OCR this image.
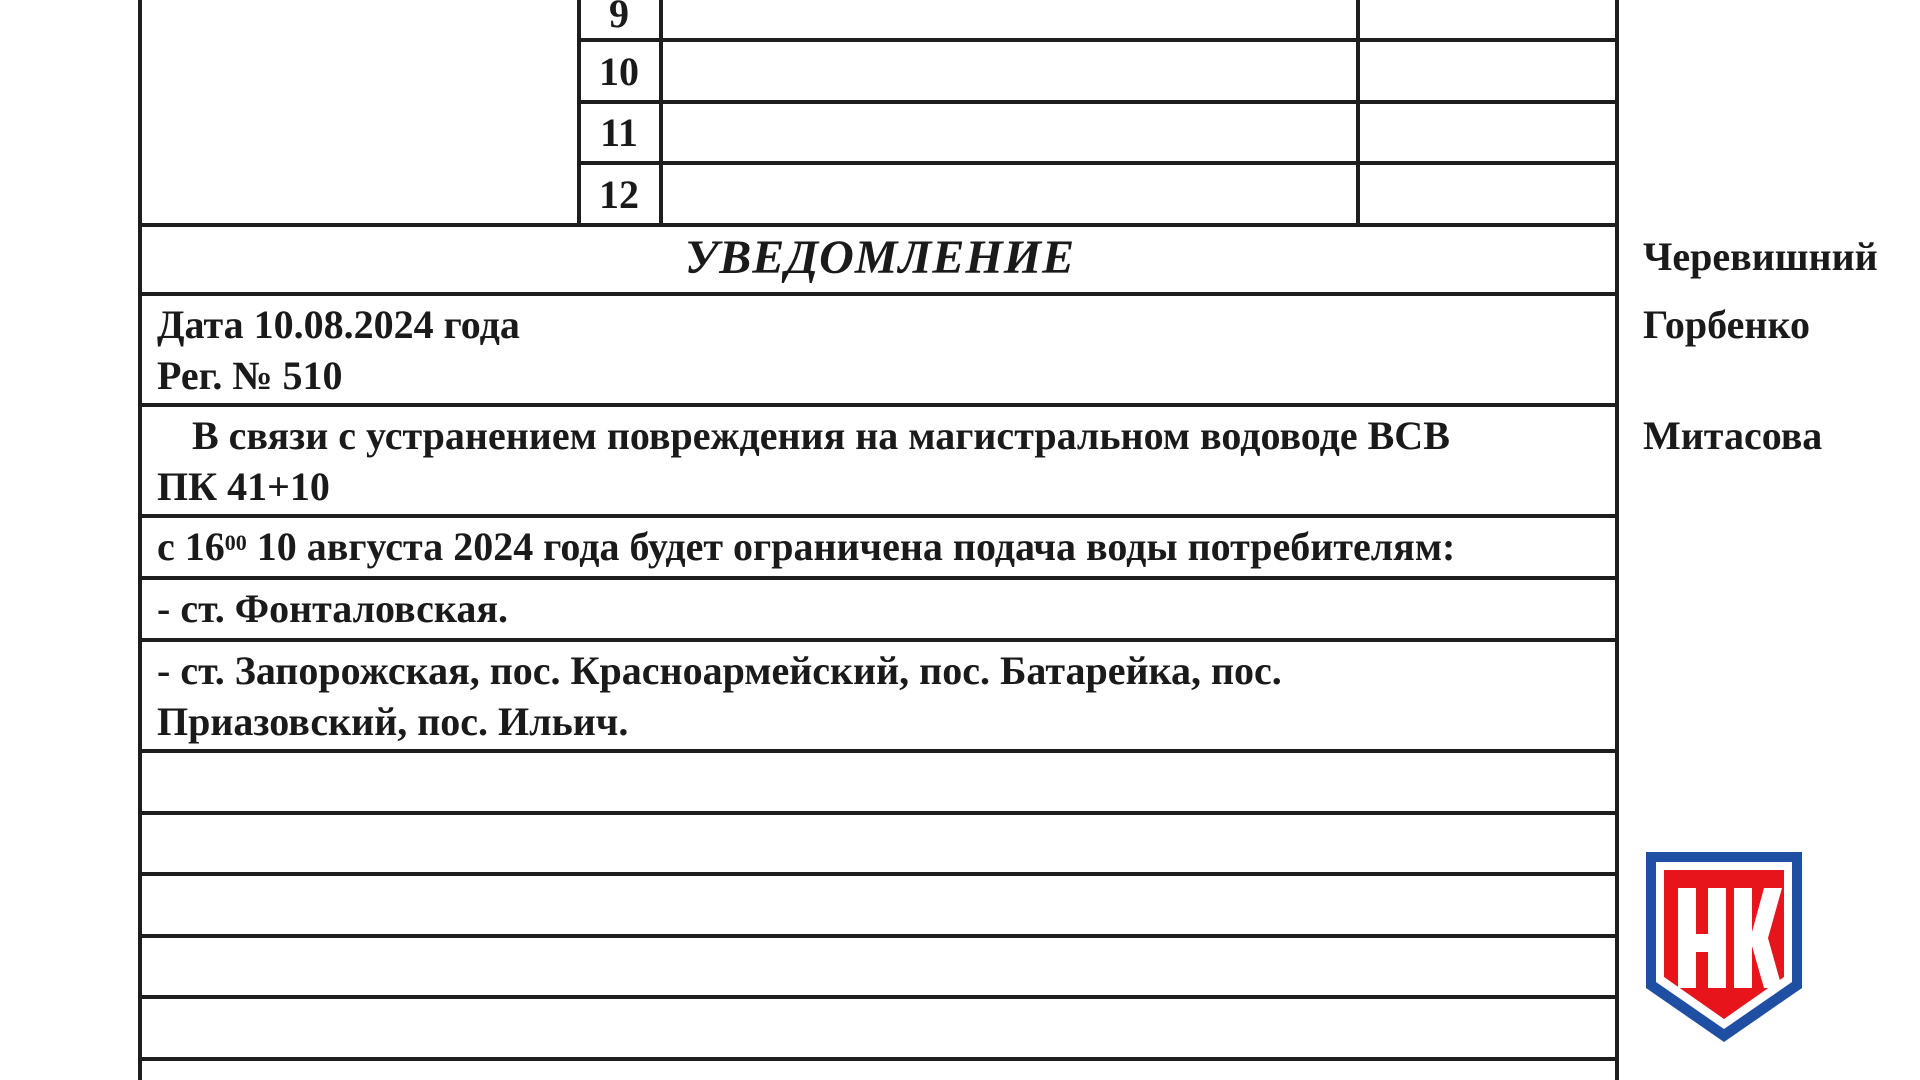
9
10
11
12
УВЕДОМЛЕНИЕ
Дата 10.08.2024 года
Рег. № 510
В связи с устранением повреждения на магистральном водоводе ВСВ
ПК 41+10
с $16^{00}$ 10 августа 2024 года будет ограничена подача воды потребителям:
- ст. Фонталовская.
- ст. Запорожская, пос. Красноармейский, пос. Батарейка, пос.
Приазовский, пос. Ильич.
Черевишний
Горбенко
Митасова
